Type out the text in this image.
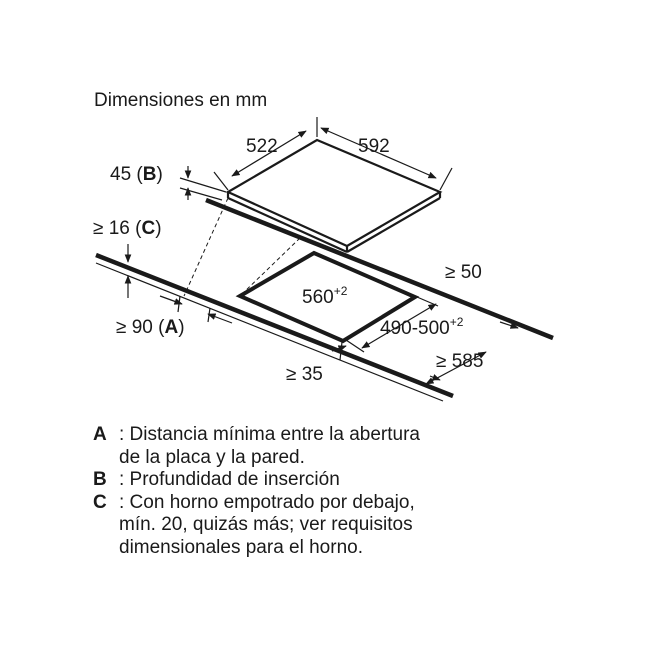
Dimensiones en mm
522	592
45 (B)
≥ 16 (C)
≥ 90 (A)
$560^{+2}$
$490-500^{+2}$
≥ 50
≥ 585
≥ 35
A : Distancia mínima entre la abertura
de la placa y la pared.
B : Profundidad de inserción
C : Con horno empotrado por debajo,
mín. 20, quizás más; ver requisitos
dimensionales para el horno.
